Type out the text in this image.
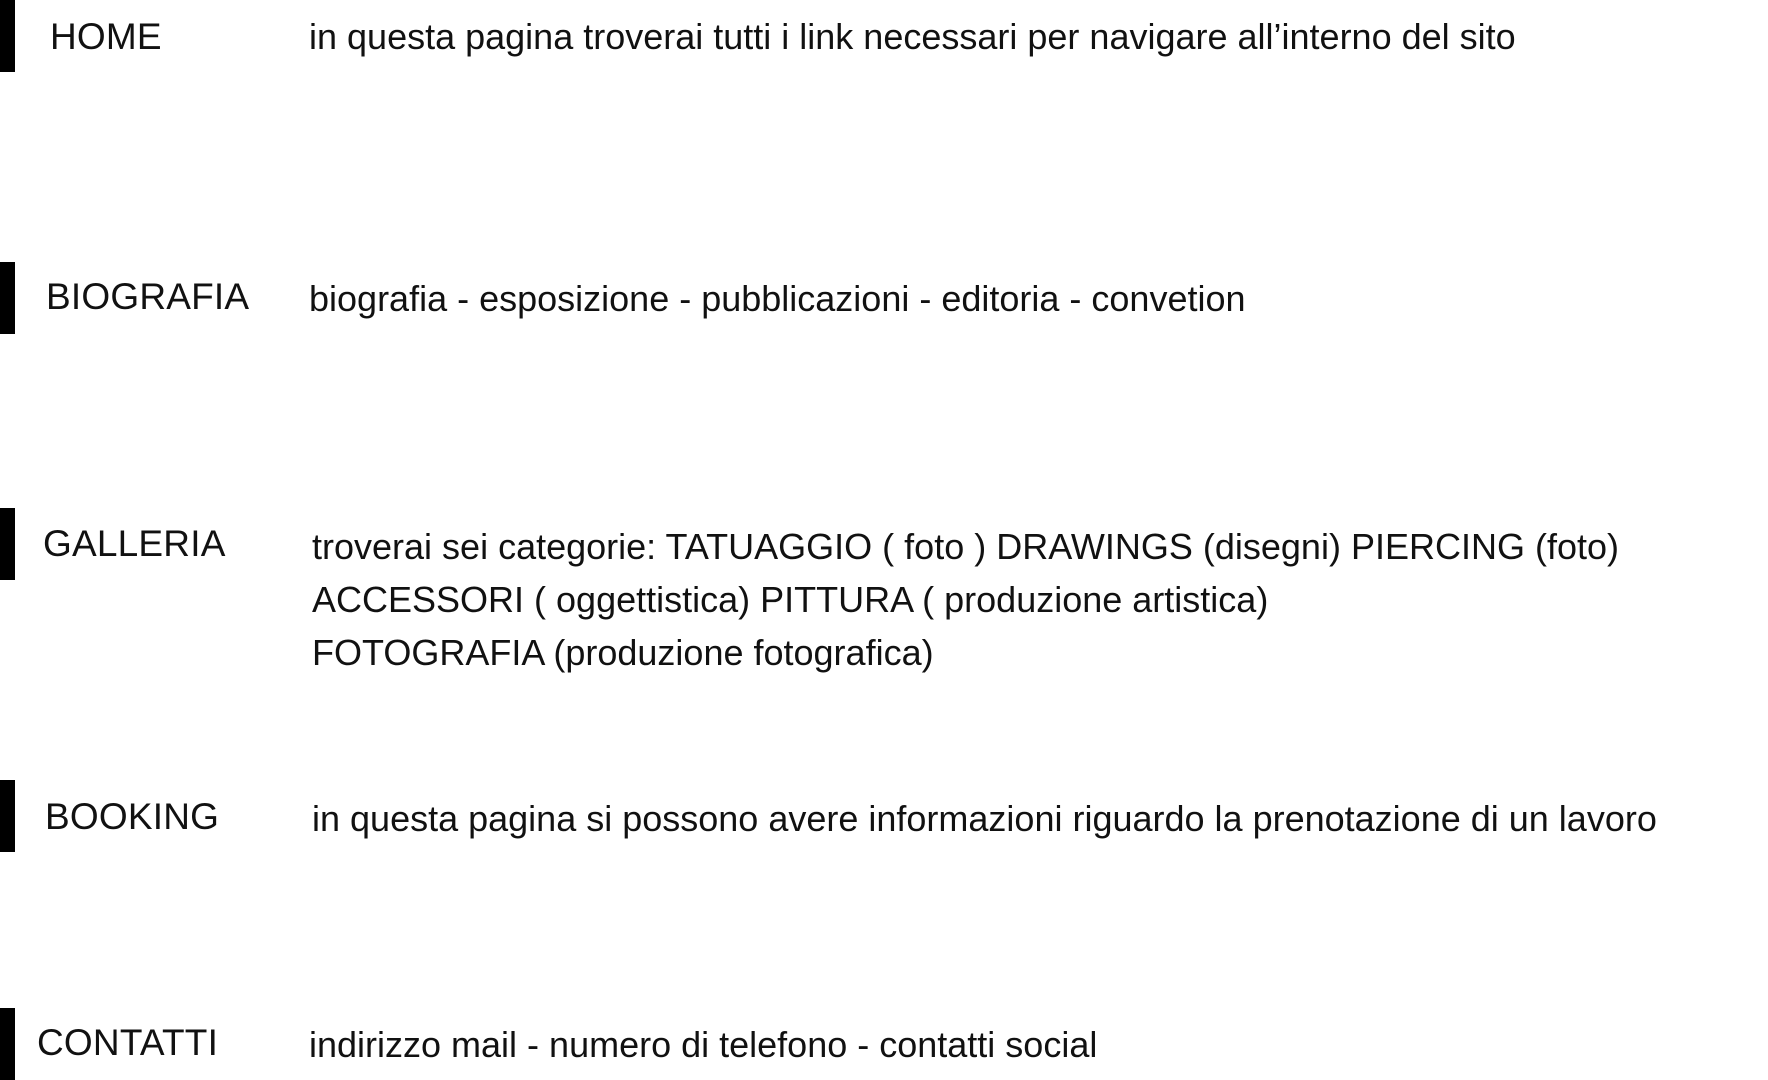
HOME	in questa pagina troverai tutti i link necessari per navigare all’interno del sito
BIOGRAFIA biografia - esposizione - pubblicazioni - editoria - convetion
GALLERIA troverai sei categorie: TATUAGGIO ( foto ) DRAWINGS (disegni) PIERCING (foto)
ACCESSORI ( oggettistica) PITTURA ( produzione artistica)
FOTOGRAFIA (produzione fotografica)
BOOKING	in questa pagina si possono avere informazioni riguardo la prenotazione di un lavoro
CONTATTI	indirizzo mail - numero di telefono - contatti social
